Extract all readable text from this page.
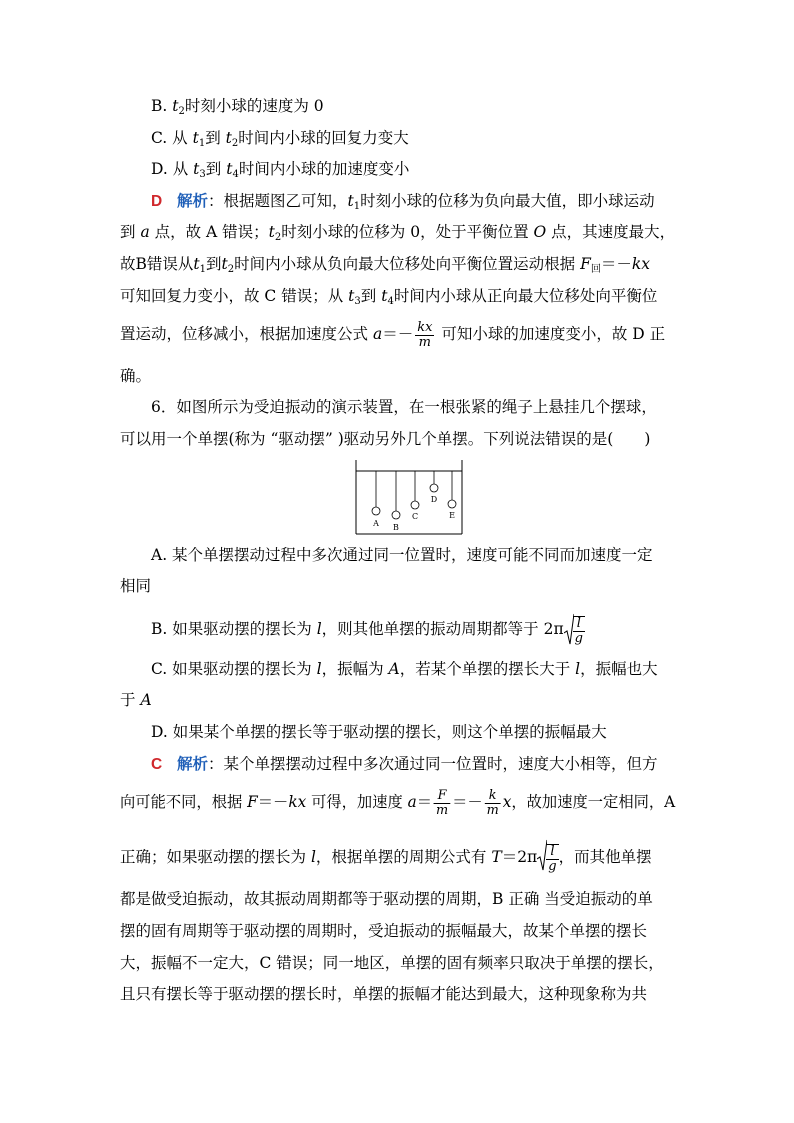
B. $t_2$时刻小球的速度为 0
C. 从 $t_1$到 $t_2$时间内小球的回复力变大
D. 从 $t_3$到 $t_4$时间内小球的加速度变小
D 解析：根据题图乙可知，$t_1$时刻小球的位移为负向最大值，即小球运动
到 a 点，故 A 错误；$t_2$时刻小球的位移为 0，处于平衡位置 O 点，其速度最大，
故B错误从$t_1$到$t_2$时间内小球从负向最大位移处向平衡位置运动根据 $F_回=-kx$
可知回复力变小，故 C 错误；从 $t_3$到 $t_4$时间内小球从正向最大位移处向平衡位
置运动，位移减小，根据加速度公式 $a=- \frac{kx}{m}$ 可知小球的加速度变小，故 D 正
确。
6．如图所示为受迫振动的演示装置，在一根张紧的绳子上悬挂几个摆球，
可以用一个单摆(称为 “驱动摆” )驱动另外几个单摆。下列说法错误的是(　　)
A B
C
D
E
A. 某个单摆摆动过程中多次通过同一位置时，速度可能不同而加速度一定
相同
B. 如果驱动摆的摆长为 l，则其他单摆的振动周期都等于 $2\pi \frac{l}{g}$
C. 如果驱动摆的摆长为 l，振幅为 A，若某个单摆的摆长大于 l，振幅也大
于 A
D. 如果某个单摆的摆长等于驱动摆的摆长，则这个单摆的振幅最大
C 解析：某个单摆摆动过程中多次通过同一位置时，速度大小相等，但方
向可能不同，根据 F＝－kx 可得，加速度 $a= \frac{F}{m} =- \frac{k}{m}$ x，故加速度一定相同，A
正确；如果驱动摆的摆长为 l，根据单摆的周期公式有 $T=2\pi \frac{l}{g}$ ，而其他单摆
都是做受迫振动，故其振动周期都等于驱动摆的周期，B 正确 当受迫振动的单
摆的固有周期等于驱动摆的周期时，受迫振动的振幅最大，故某个单摆的摆长
大，振幅不一定大，C 错误；同一地区，单摆的固有频率只取决于单摆的摆长，
且只有摆长等于驱动摆的摆长时，单摆的振幅才能达到最大，这种现象称为共
